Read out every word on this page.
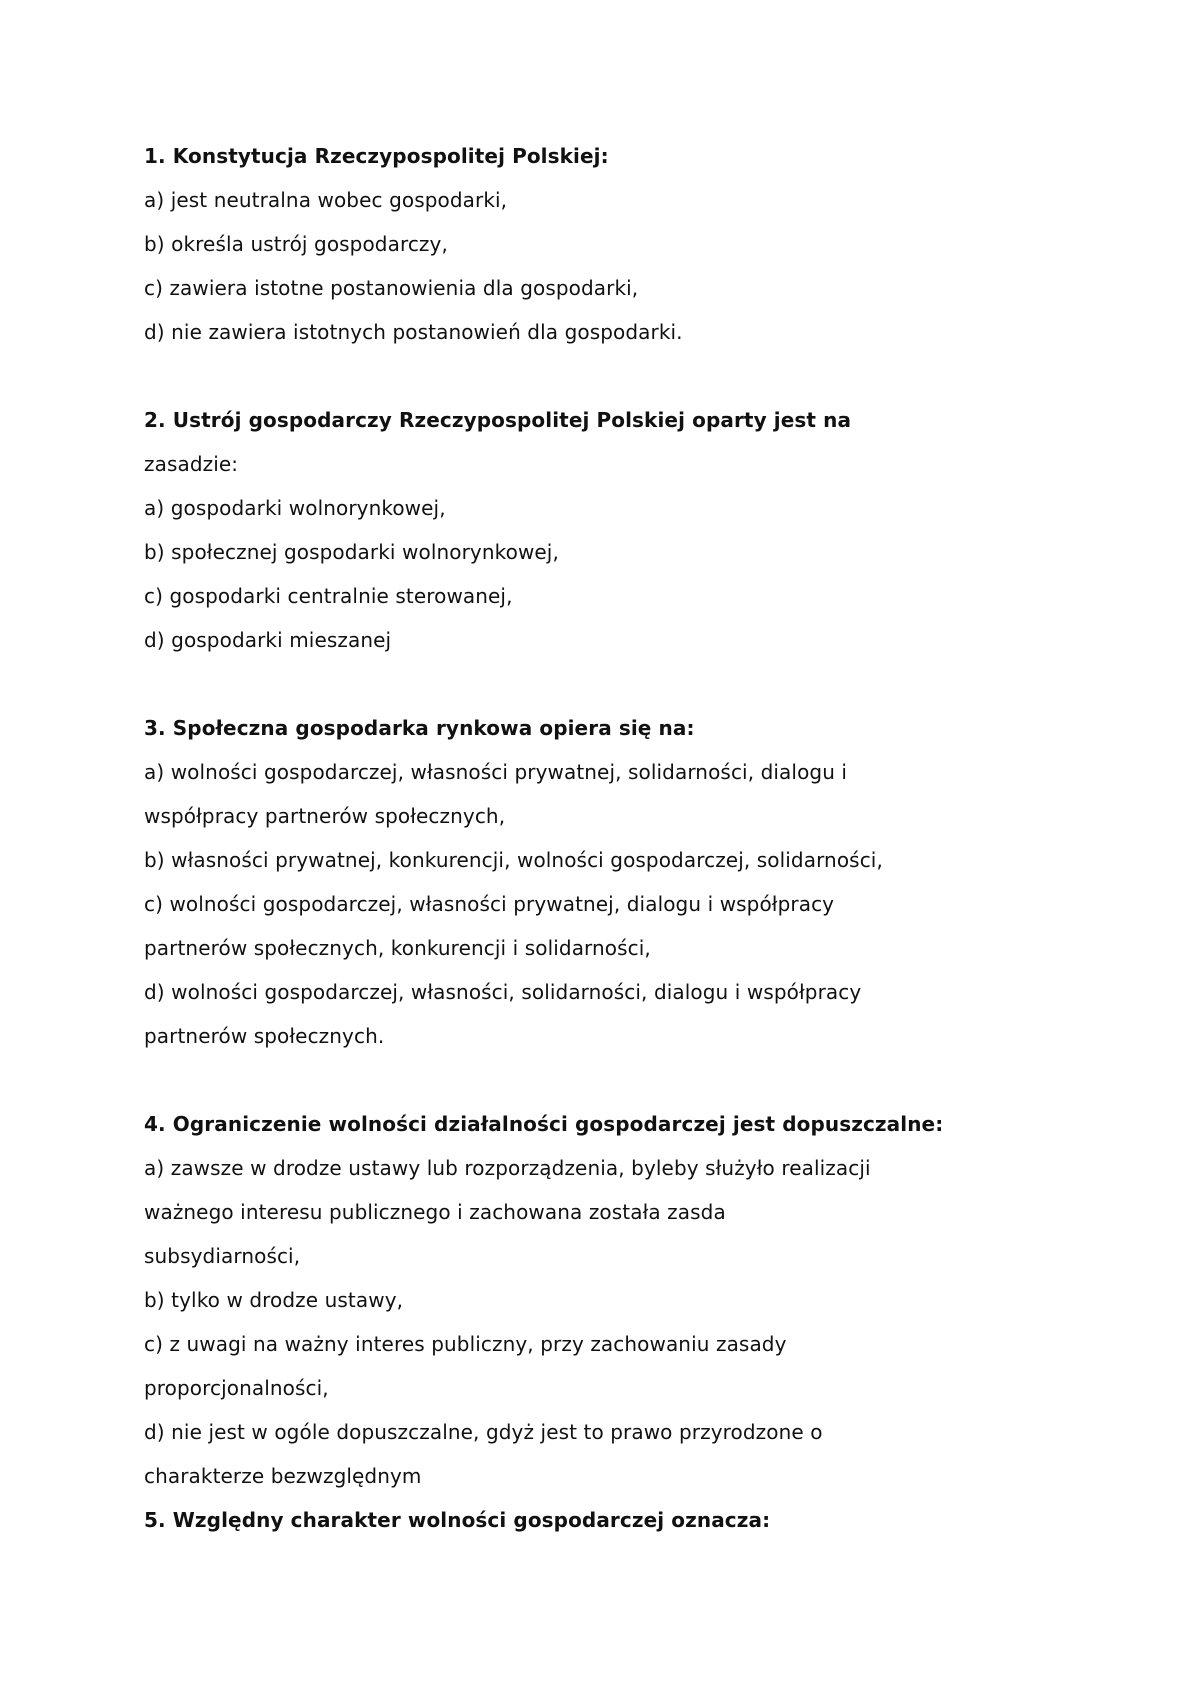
1. Konstytucja Rzeczypospolitej Polskiej:
a) jest neutralna wobec gospodarki,
b) określa ustrój gospodarczy,
c) zawiera istotne postanowienia dla gospodarki,
d) nie zawiera istotnych postanowień dla gospodarki.
2. Ustrój gospodarczy Rzeczypospolitej Polskiej oparty jest na
zasadzie:
a) gospodarki wolnorynkowej,
b) społecznej gospodarki wolnorynkowej,
c) gospodarki centralnie sterowanej,
d) gospodarki mieszanej
3. Społeczna gospodarka rynkowa opiera się na:
a) wolności gospodarczej, własności prywatnej, solidarności, dialogu i
współpracy partnerów społecznych,
b) własności prywatnej, konkurencji, wolności gospodarczej, solidarności,
c) wolności gospodarczej, własności prywatnej, dialogu i współpracy
partnerów społecznych, konkurencji i solidarności,
d) wolności gospodarczej, własności, solidarności, dialogu i współpracy
partnerów społecznych.
4. Ograniczenie wolności działalności gospodarczej jest dopuszczalne:
a) zawsze w drodze ustawy lub rozporządzenia, byleby służyło realizacji
ważnego interesu publicznego i zachowana została zasda
subsydiarności,
b) tylko w drodze ustawy,
c) z uwagi na ważny interes publiczny, przy zachowaniu zasady
proporcjonalności,
d) nie jest w ogóle dopuszczalne, gdyż jest to prawo przyrodzone o
charakterze bezwzględnym
5. Względny charakter wolności gospodarczej oznacza:
